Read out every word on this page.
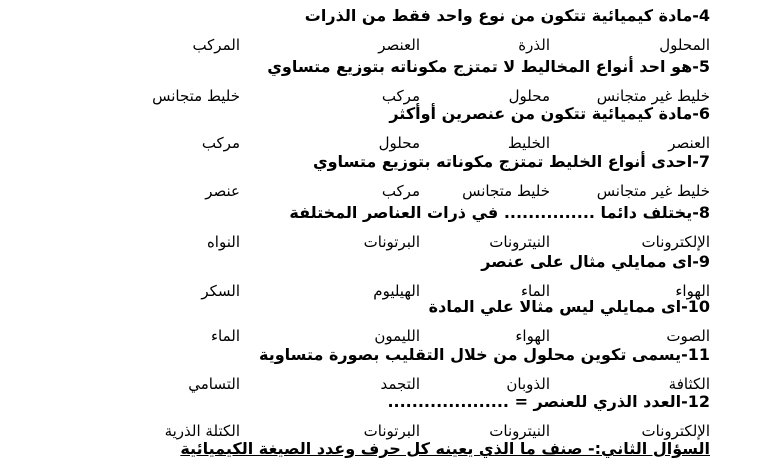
4-مادة كيميائية تتكون من نوع واحد فقط من الذرات
المحلول
الذرة
العنصر
المركب
5-هو احد أنواع المخاليط لا تمتزج مكوناته بتوزيع متساوي
خليط غير متجانس
محلول
مركب
خليط متجانس
6-مادة كيميائية تتكون من عنصرين أوأكثر
العنصر
الخليط
محلول
مركب
7-احدى أنواع الخليط تمتزج مكوناته بتوزيع متساوي
خليط غير متجانس
خليط متجانس
مركب
عنصر
8-يختلف دائما ............... في ذرات العناصر المختلفة
الإلكترونات
النيترونات
البرتونات
النواه
9-اى ممايلي مثال على عنصر
الهواء
الماء
الهيليوم
السكر
10-اى ممايلي ليس مثالا علي المادة
الصوت
الهواء
الليمون
الماء
11-يسمى تكوين محلول من خلال التقليب بصورة متساوية
الكثافة
الذوبان
التجمد
التسامي
12-العدد الذري للعنصر = ....................
الإلكترونات
النيترونات
البرتونات
الكتلة الذرية
السؤال الثاني:- صنف ما الذي يعينه كل حرف وعدد الصيغة الكيميائية
